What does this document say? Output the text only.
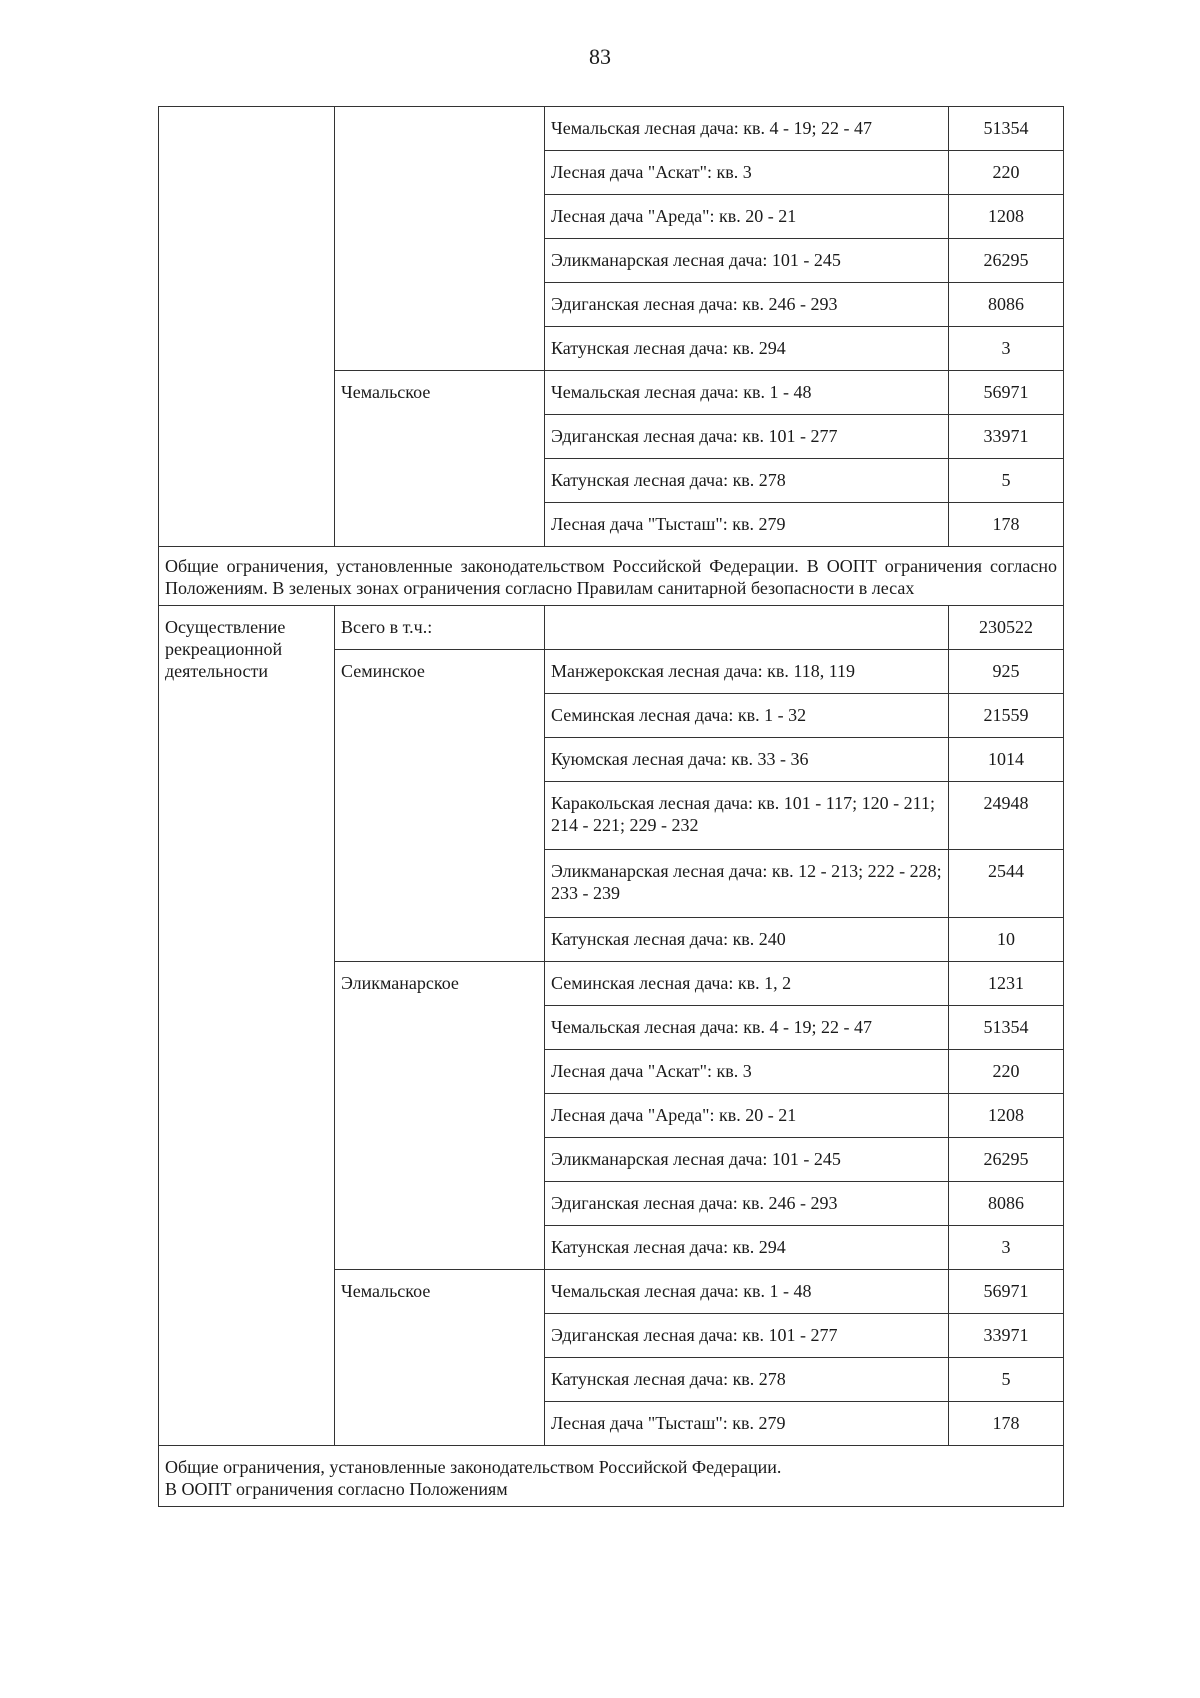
83
		Чемальская лесная дача: кв. 4 - 19; 22 - 47	51354
		Лесная дача "Аскат": кв. 3	220
		Лесная дача "Ареда": кв. 20 - 21	1208
		Эликманарская лесная дача: 101 - 245	26295
		Эдиганская лесная дача: кв. 246 - 293	8086
		Катунская лесная дача: кв. 294	3
	Чемальское	Чемальская лесная дача: кв. 1 - 48	56971
		Эдиганская лесная дача: кв. 101 - 277	33971
		Катунская лесная дача: кв. 278	5
		Лесная дача "Тысташ": кв. 279	178
Общие ограничения, установленные законодательством Российской Федерации. В ООПТ ограничения согласно Положениям. В зеленых зонах ограничения согласно Правилам санитарной безопасности в лесах			
Осуществление рекреационной деятельности	Всего в т.ч.:		230522
	Семинское	Манжерокская лесная дача: кв. 118, 119	925
		Семинская лесная дача: кв. 1 - 32	21559
		Куюмская лесная дача: кв. 33 - 36	1014
		Каракольская лесная дача: кв. 101 - 117; 120 - 211; 214 - 221; 229 - 232	24948
		Эликманарская лесная дача: кв. 12 - 213; 222 - 228; 233 - 239	2544
		Катунская лесная дача: кв. 240	10
	Эликманарское	Семинская лесная дача: кв. 1, 2	1231
		Чемальская лесная дача: кв. 4 - 19; 22 - 47	51354
		Лесная дача "Аскат": кв. 3	220
		Лесная дача "Ареда": кв. 20 - 21	1208
		Эликманарская лесная дача: 101 - 245	26295
		Эдиганская лесная дача: кв. 246 - 293	8086
		Катунская лесная дача: кв. 294	3
	Чемальское	Чемальская лесная дача: кв. 1 - 48	56971
		Эдиганская лесная дача: кв. 101 - 277	33971
		Катунская лесная дача: кв. 278	5
		Лесная дача "Тысташ": кв. 279	178

Общие ограничения, установленные законодательством Российской Федерации.
В ООПТ ограничения согласно Положениям			
